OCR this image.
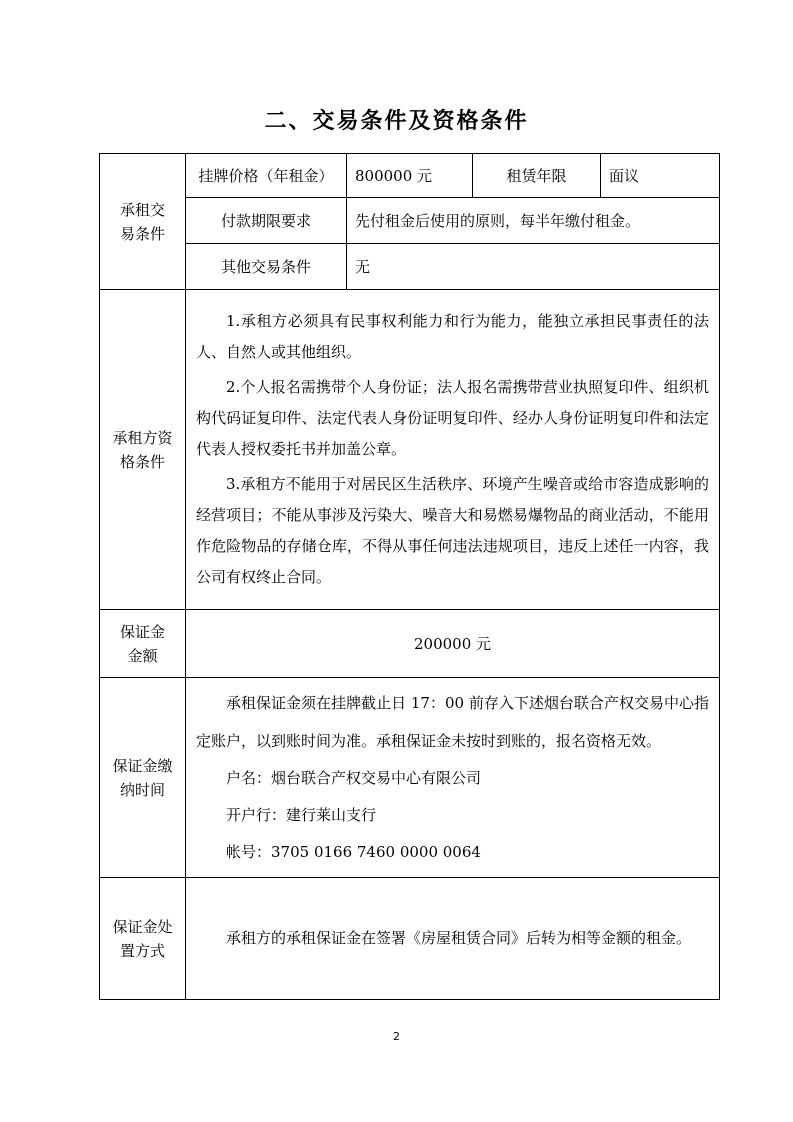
二、交易条件及资格条件
承租交易条件	挂牌价格（年租金）	800000 元	租赁年限	面议
	付款期限要求	先付租金后使用的原则，每半年缴付租金。		
	其他交易条件	无		

承租方资格条件	1.承租方必须具有民事权利能力和行为能力，能独立承担民事责任的法人、自然人或其他组织。

2.个人报名需携带个人身份证；法人报名需携带营业执照复印件、组织机构代码证复印件、法定代表人身份证明复印件、经办人身份证明复印件和法定代表人授权委托书并加盖公章。

3.承租方不能用于对居民区生活秩序、环境产生噪音或给市容造成影响的经营项目；不能从事涉及污染大、噪音大和易燃易爆物品的商业活动，不能用作危险物品的存储仓库，不得从事任何违法违规项目，违反上述任一内容，我公司有权终止合同。			

保证金金额	200000 元			

保证金缴纳时间	承租保证金须在挂牌截止日 17：00 前存入下述烟台联合产权交易中心指定账户，以到账时间为准。承租保证金未按时到账的，报名资格无效。

户名：烟台联合产权交易中心有限公司

开户行：建行莱山支行

帐号：3705 0166 7460 0000 0064			

保证金处置方式	承租方的承租保证金在签署《房屋租赁合同》后转为相等金额的租金。			

2
